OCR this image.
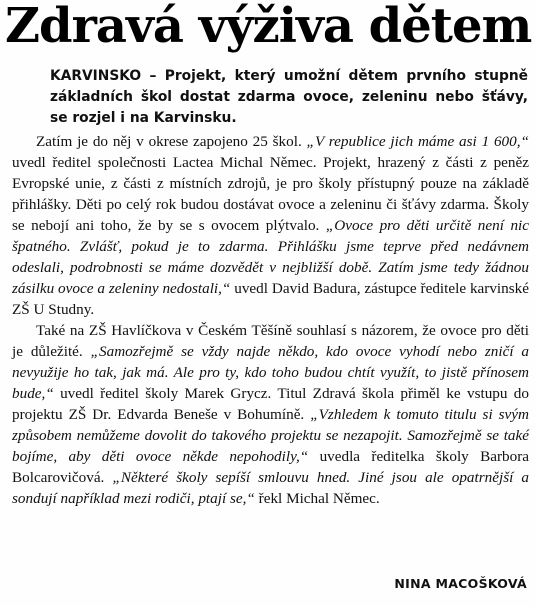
Zdravá výživa dětem

KARVINSKO – Projekt, který umožní dětem prvního stupně základních škol dostat zdarma ovoce, zeleninu nebo šťávy, se rozjel i na Karvinsku.

Zatím je do něj v okrese zapojeno 25 škol. „V republice jich máme asi 1 600,“ uvedl ředitel společnosti Lactea Michal Němec. Projekt, hrazený z části z peněz Evropské unie, z části z místních zdrojů, je pro školy přístupný pouze na základě přihlášky. Děti po celý rok budou dostávat ovoce a zeleninu či šťávy zdarma. Školy se nebojí ani toho, že by se s ovocem plýtvalo. „Ovoce pro děti určitě není nic špatného. Zvlášť, pokud je to zdarma. Přihlášku jsme teprve před nedávnem odeslali, podrobnosti se máme dozvědět v nejbližší době. Zatím jsme tedy žádnou zásilku ovoce a zeleniny nedostali,“ uvedl David Badura, zástupce ředitele karvinské ZŠ U Studny.

Také na ZŠ Havlíčkova v Českém Těšíně souhlasí s názorem, že ovoce pro děti je důležité. „Samozřejmě se vždy najde někdo, kdo ovoce vyhodí nebo zničí a nevyužije ho tak, jak má. Ale pro ty, kdo toho budou chtít využít, to jistě přínosem bude,“ uvedl ředitel školy Marek Grycz. Titul Zdravá škola přiměl ke vstupu do projektu ZŠ Dr. Edvarda Beneše v Bohumíně. „Vzhledem k tomuto titulu si svým způsobem nemůžeme dovolit do takového projektu se nezapojit. Samozřejmě se také bojíme, aby děti ovoce někde nepohodily,“ uvedla ředitelka školy Barbora Bolcarovičová. „Některé školy sepíší smlouvu hned. Jiné jsou ale opatrnější a sondují například mezi rodiči, ptají se,“ řekl Michal Němec.

NINA MACOŠKOVÁ
